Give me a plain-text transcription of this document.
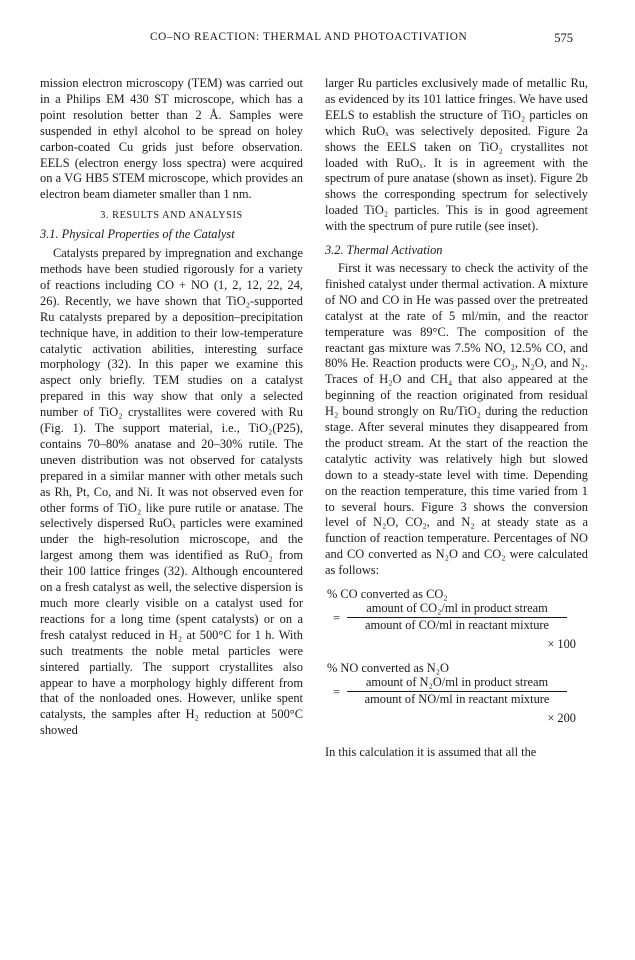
CO–NO REACTION: THERMAL AND PHOTOACTIVATION	575

mission electron microscopy (TEM) was carried out in a Philips EM 430 ST microscope, which has a point resolution better than 2 Å. Samples were suspended in ethyl alcohol to be spread on holey carbon-coated Cu grids just before observation. EELS (electron energy loss spectra) were acquired on a VG HB5 STEM microscope, which provides an electron beam diameter smaller than 1 nm.

3. RESULTS AND ANALYSIS
3.1. Physical Properties of the Catalyst

Catalysts prepared by impregnation and exchange methods have been studied rigorously for a variety of reactions including CO + NO (1, 2, 12, 22, 24, 26). Recently, we have shown that TiO₂-supported Ru catalysts prepared by a deposition–precipitation technique have, in addition to their low-temperature catalytic activation abilities, interesting surface morphology (32). In this paper we examine this aspect only briefly. TEM studies on a catalyst prepared in this way show that only a selected number of TiO₂ crystallites were covered with Ru (Fig. 1). The support material, i.e., TiO₂(P25), contains 70–80% anatase and 20–30% rutile. The uneven distribution was not observed for catalysts prepared in a similar manner with other metals such as Rh, Pt, Co, and Ni. It was not observed even for other forms of TiO₂ like pure rutile or anatase. The selectively dispersed RuOₓ particles were examined under the high-resolution microscope, and the largest among them was identified as RuO₂ from their 100 lattice fringes (32). Although encountered on a fresh catalyst as well, the selective dispersion is much more clearly visible on a catalyst used for reactions for a long time (spent catalysts) or on a fresh catalyst reduced in H₂ at 500°C for 1 h. With such treatments the noble metal particles were sintered partially. The support crystallites also appear to have a morphology highly different from that of the nonloaded ones. However, unlike spent catalysts, the samples after H₂ reduction at 500°C showed

larger Ru particles exclusively made of metallic Ru, as evidenced by its 101 lattice fringes. We have used EELS to establish the structure of TiO₂ particles on which RuOₓ was selectively deposited. Figure 2a shows the EELS taken on TiO₂ crystallites not loaded with RuOₓ. It is in agreement with the spectrum of pure anatase (shown as inset). Figure 2b shows the corresponding spectrum for selectively loaded TiO₂ particles. This is in good agreement with the spectrum of pure rutile (see inset).

3.2. Thermal Activation

First it was necessary to check the activity of the finished catalyst under thermal activation. A mixture of NO and CO in He was passed over the pretreated catalyst at the rate of 5 ml/min, and the reactor temperature was 89°C. The composition of the reactant gas mixture was 7.5% NO, 12.5% CO, and 80% He. Reaction products were CO₂, N₂O, and N₂. Traces of H₂O and CH₄ that also appeared at the beginning of the reaction originated from residual H₂ bound strongly on Ru/TiO₂ during the reduction stage. After several minutes they disappeared from the product stream. At the start of the reaction the catalytic activity was relatively high but slowed down to a steady-state level with time. Depending on the reaction temperature, this time varied from 1 to several hours. Figure 3 shows the conversion level of N₂O, CO₂, and N₂ at steady state as a function of reaction temperature. Percentages of NO and CO converted as N₂O and CO₂ were calculated as follows:

% CO converted as CO₂
=
amount of CO₂/ml in product stream
amount of CO/ml in reactant mixture
× 100
% NO converted as N₂O
=
amount of N₂O/ml in product stream
amount of NO/ml in reactant mixture
× 200

In this calculation it is assumed that all the
